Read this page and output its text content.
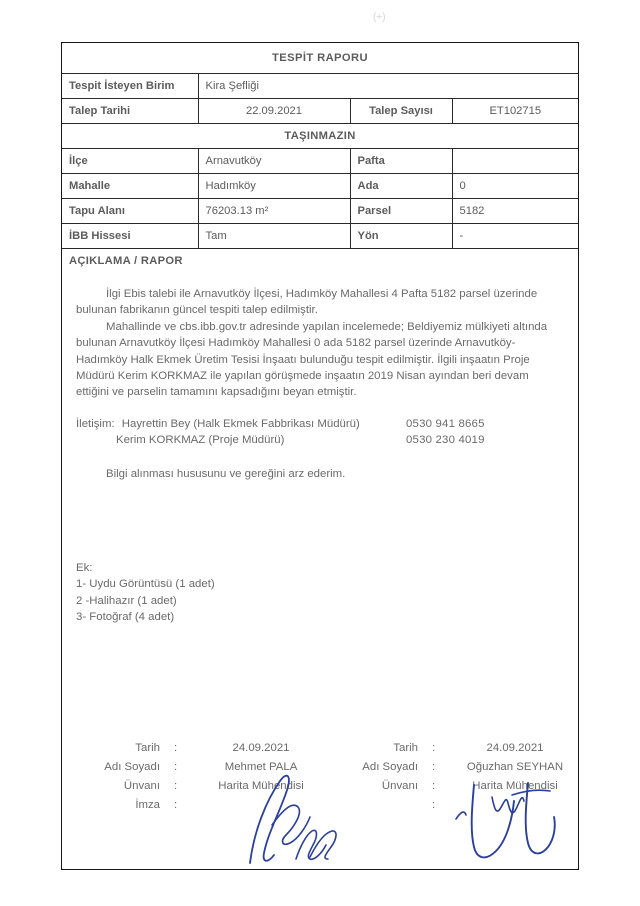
(+)
TESPİT RAPORU			
Tespit İsteyen Birim	Kira Şefliği		
Talep Tarihi	22.09.2021	Talep Sayısı	ET102715
TAŞINMAZIN			
İlçe	Arnavutköy	Pafta	
Mahalle	Hadımköy	Ada	0
Tapu Alanı	76203.13 m²	Parsel	5182
İBB Hissesi	Tam	Yön	-
AÇIKLAMA / RAPOR			

İlgi Ebis talebi ile Arnavutköy İlçesi, Hadımköy Mahallesi 4 Pafta 5182 parsel üzerinde bulunan fabrikanın güncel tespiti talep edilmiştir.

Mahallinde ve cbs.ibb.gov.tr adresinde yapılan incelemede; Beldiyemiz mülkiyeti altında bulunan Arnavutköy İlçesi Hadımköy Mahallesi 0 ada 5182 parsel üzerinde Arnavutköy-Hadımköy Halk Ekmek Üretim Tesisi İnşaatı bulunduğu tespit edilmiştir. İlgili inşaatın Proje Müdürü Kerim KORKMAZ ile yapılan görüşmede inşaatın 2019 Nisan ayından beri devam ettiğini ve parselin tamamını kapsadığını beyan etmiştir.

İletişim: Hayrettin Bey (Halk Ekmek Fabbrikası Müdürü)	0530 941 8665
Kerim KORKMAZ (Proje Müdürü)	0530 230 4019
Bilgi alınması hususunu ve gereğini arz ederim.
Ek:
1- Uydu Görüntüsü (1 adet)
2 -Halihazır (1 adet)
3- Fotoğraf (4 adet)
Tarih :	24.09.2021
Adı Soyadı :	Mehmet PALA
Ünvanı :	Harita Mühendisi
İmza :
Tarih :	24.09.2021
Adı Soyadı :	Oğuzhan SEYHAN
Ünvanı :	Harita Mühendisi
:
